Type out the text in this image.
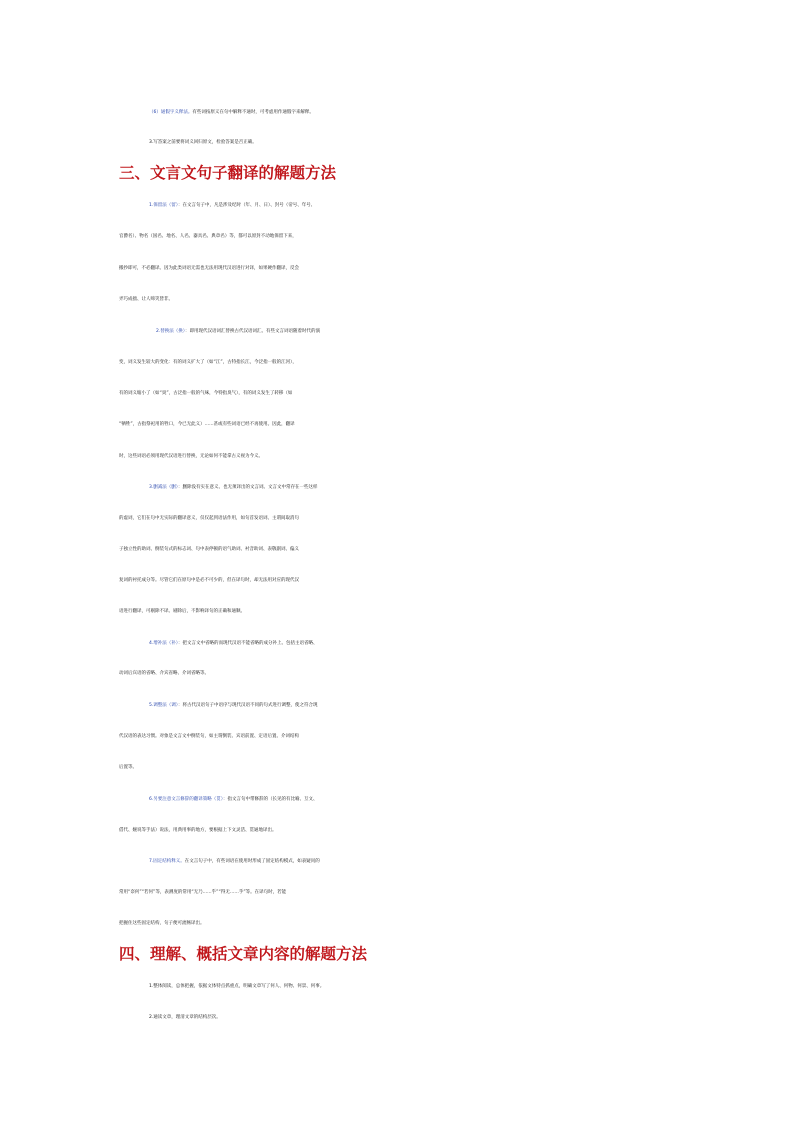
（6）通假字义释法。有些词按原义在句中解释不通时，可考虑用作通假字来解释。
3.写答案之前要将词义回归原文，检验答案是否正确。
三、文言文句子翻译的解题方法
1.保留法（留）：在文言句子中，凡是涉及纪时（年、月、日）、封号（帝号、年号、
官爵名）、物名（国名、地名、人名、器具名、典章名）等，都可以原封不动地保留下来，
搬抄即可，不必翻译。因为此类词语无需也无法用现代汉语进行对译，如果硬作翻译，反会
弄巧成拙、让人啼笑皆非。
2.替换法（换）：即用现代汉语词汇替换古代汉语词汇。有些文言词语随着时代的演
变，词义发生较大的变化：有的词义扩大了（如“江”，古特指长江，今泛指一般的江河），
有的词义缩小了（如“臭”，古泛指一般的气味，今特指臭气），有的词义发生了转移（如
“牺牲”，古指祭祀用的牲口，今已无此义）……甚或有些词语已经不再使用。因此，翻译
时，这些词语必须用现代汉语进行替换，无论如何不能拿古义视为今义。
3.删减法（删）：删除没有实在意义、也无须译出的文言词。文言文中常存在一些这样
的虚词，它们在句中无实际的翻译意义，仅仅起到语法作用，如句首发语词、主谓间取消句
子独立性的助词、倒装句式的标志词、句中表停顿的语气助词、衬音助词、表敬副词、偏义
复词的衬托成分等。尽管它们在原句中是必不可少的，但在译句时，却无法用对应的现代汉
语进行翻译，可剔除不译。剔除后，不影响译句的正确和通顺。
4.增补法（补）：把文言文中省略的而现代汉语不能省略的成分补上。包括主语省略、
动词后宾语的省略、介宾省略、介词省略等。
5.调整法（调）：将古代汉语句子中语序与现代汉语不同的句式进行调整，使之符合现
代汉语的表达习惯。对象是文言文中倒装句，如主谓倒装、宾语前置、定语后置、介词结构
后置等。
6.另要注意文言修辞的翻译策略（贯）：指文言句中带修辞的（长见的有比喻、互文、
借代、婉说等手法）说法，用典用事的地方，要根据上下文灵活、贯通地译出。
7.固定结构释义。在文言句子中，有些词语在使用时形成了固定结构模式，如表疑问的
常用“奈何”“若何”等，表测度的常用“无乃……乎”“得无……乎”等。在译句时，若能
把握住这些固定结构，句子便可流畅译出。
四、理解、概括文章内容的解题方法
1.整体阅读，总体把握，依据文体特点抓重点，明确文章写了何人、何物、何景、何事。
2.通读文章，理清文章的结构层次。
